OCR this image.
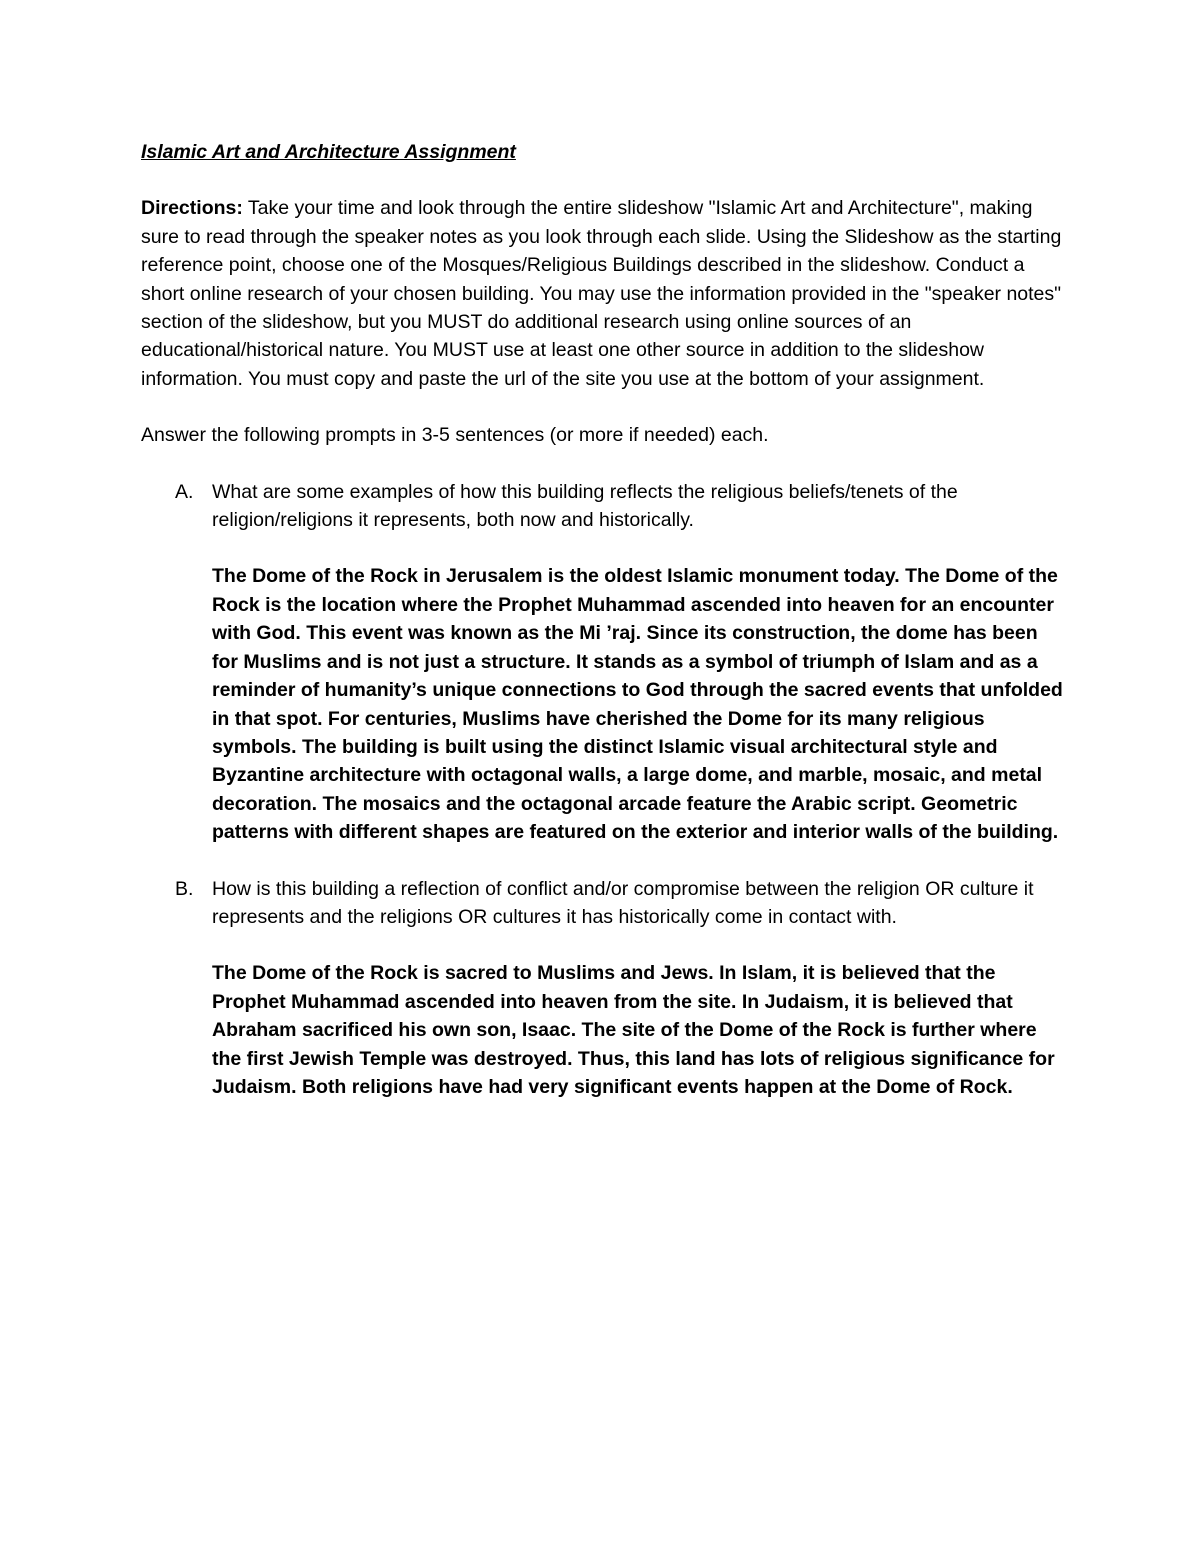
Islamic Art and Architecture Assignment
Directions: Take your time and look through the entire slideshow "Islamic Art and Architecture", making sure to read through the speaker notes as you look through each slide. Using the Slideshow as the starting reference point, choose one of the Mosques/Religious Buildings described in the slideshow. Conduct a short online research of your chosen building. You may use the information provided in the "speaker notes" section of the slideshow, but you MUST do additional research using online sources of an educational/historical nature. You MUST use at least one other source in addition to the slideshow information. You must copy and paste the url of the site you use at the bottom of your assignment.
Answer the following prompts in 3-5 sentences (or more if needed) each.
A. What are some examples of how this building reflects the religious beliefs/tenets of the religion/religions it represents, both now and historically.
The Dome of the Rock in Jerusalem is the oldest Islamic monument today. The Dome of the Rock is the location where the Prophet Muhammad ascended into heaven for an encounter with God. This event was known as the Mi ’raj. Since its construction, the dome has been for Muslims and is not just a structure. It stands as a symbol of triumph of Islam and as a reminder of humanity’s unique connections to God through the sacred events that unfolded in that spot. For centuries, Muslims have cherished the Dome for its many religious symbols. The building is built using the distinct Islamic visual architectural style and Byzantine architecture with octagonal walls, a large dome, and marble, mosaic, and metal decoration. The mosaics and the octagonal arcade feature the Arabic script. Geometric patterns with different shapes are featured on the exterior and interior walls of the building.
B. How is this building a reflection of conflict and/or compromise between the religion OR culture it represents and the religions OR cultures it has historically come in contact with.
The Dome of the Rock is sacred to Muslims and Jews. In Islam, it is believed that the Prophet Muhammad ascended into heaven from the site. In Judaism, it is believed that Abraham sacrificed his own son, Isaac. The site of the Dome of the Rock is further where the first Jewish Temple was destroyed. Thus, this land has lots of religious significance for Judaism. Both religions have had very significant events happen at the Dome of Rock.
